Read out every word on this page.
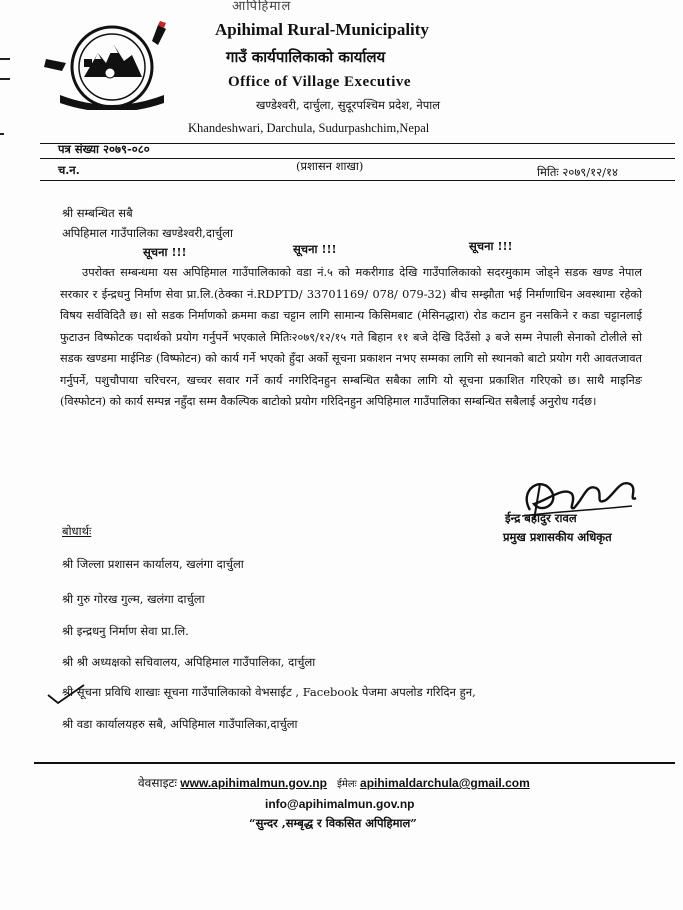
आपिहिमाल
Apihimal Rural-Municipality
गाउँ कार्यपालिकाको कार्यालय
Office of Village Executive
खण्डेश्वरी, दार्चुला, सुदूरपश्चिम प्रदेश, नेपाल
Khandeshwari, Darchula, Sudurpashchim,Nepal
पत्र संख्या २०७९-०८०
च.न.	(प्रशासन शाखा)	मितिः २०७९/१२/१४
श्री सम्बन्धित सबै
अपिहिमाल गाउँपालिका खण्डेश्वरी,दार्चुला
सूचना !!!	सूचना !!!	सूचना !!!
उपरोक्त सम्बन्धमा यस अपिहिमाल गाउँपालिकाको वडा नं.५ को मकरीगाड देखि गाउँपालिकाको सदरमुकाम जोड्ने सडक खण्ड नेपाल सरकार र ईन्द्रधनु निर्माण सेवा प्रा.लि.(ठेक्का नं.RDPTD/ 33701169/ 078/ 079-32) बीच सम्झौता भई निर्माणाधिन अवस्थामा रहेको विषय सर्वविदितै छ। सो सडक निर्माणको क्रममा कडा चट्टान लागि सामान्य किसिमबाट (मेसिनद्धारा) रोड कटान हुन नसकिने र कडा चट्टानलाई फुटाउन विष्फोटक पदार्थको प्रयोग गर्नुपर्ने भएकाले मितिः२०७९/१२/१५ गते बिहान ११ बजे देखि दिउँसो ३ बजे सम्म नेपाली सेनाको टोलीले सो सडक खण्डमा माईनिङ (विष्फोटन) को कार्य गर्ने भएको हुँदा अर्को सूचना प्रकाशन नभए सम्मका लागि सो स्थानको बाटो प्रयोग गरी आवतजावत गर्नुपर्ने, पशुचौपाया चरिचरन, खच्चर सवार गर्ने कार्य नगरिदिनहुन सम्बन्धित सबैका लागि यो सूचना प्रकाशित गरिएको छ। साथै माइनिङ (विस्फोटन) को कार्य सम्पन्न नहुँदा सम्म वैकल्पिक बाटोको प्रयोग गरिदिनहुन अपिहिमाल गाउँपालिका सम्बन्धित सबैलाई अनुरोध गर्दछ।
ईन्द्र बहादुर रावल
प्रमुख प्रशासकीय अधिकृत
बोधार्थः
श्री जिल्ला प्रशासन कार्यालय, खलंगा दार्चुला
श्री गुरु गोरख गुल्म, खलंगा दार्चुला
श्री इन्द्रधनु निर्माण सेवा प्रा.लि.
श्री श्री अध्यक्षको सचिवालय, अपिहिमाल गाउँपालिका, दार्चुला
श्री सूचना प्रविधि शाखाः सूचना गाउँपालिकाको वेभसाईट , Facebook पेजमा अपलोड गरिदिन हुन,
श्री वडा कार्यालयहरु सबै, अपिहिमाल गाउँपालिका,दार्चुला
वेवसाइटः www.apihimalmun.gov.np ईमेलः apihimaldarchula@gmail.com
info@apihimalmun.gov.np
“सुन्दर ,सम्बृद्ध र विकसित अपिहिमाल”
